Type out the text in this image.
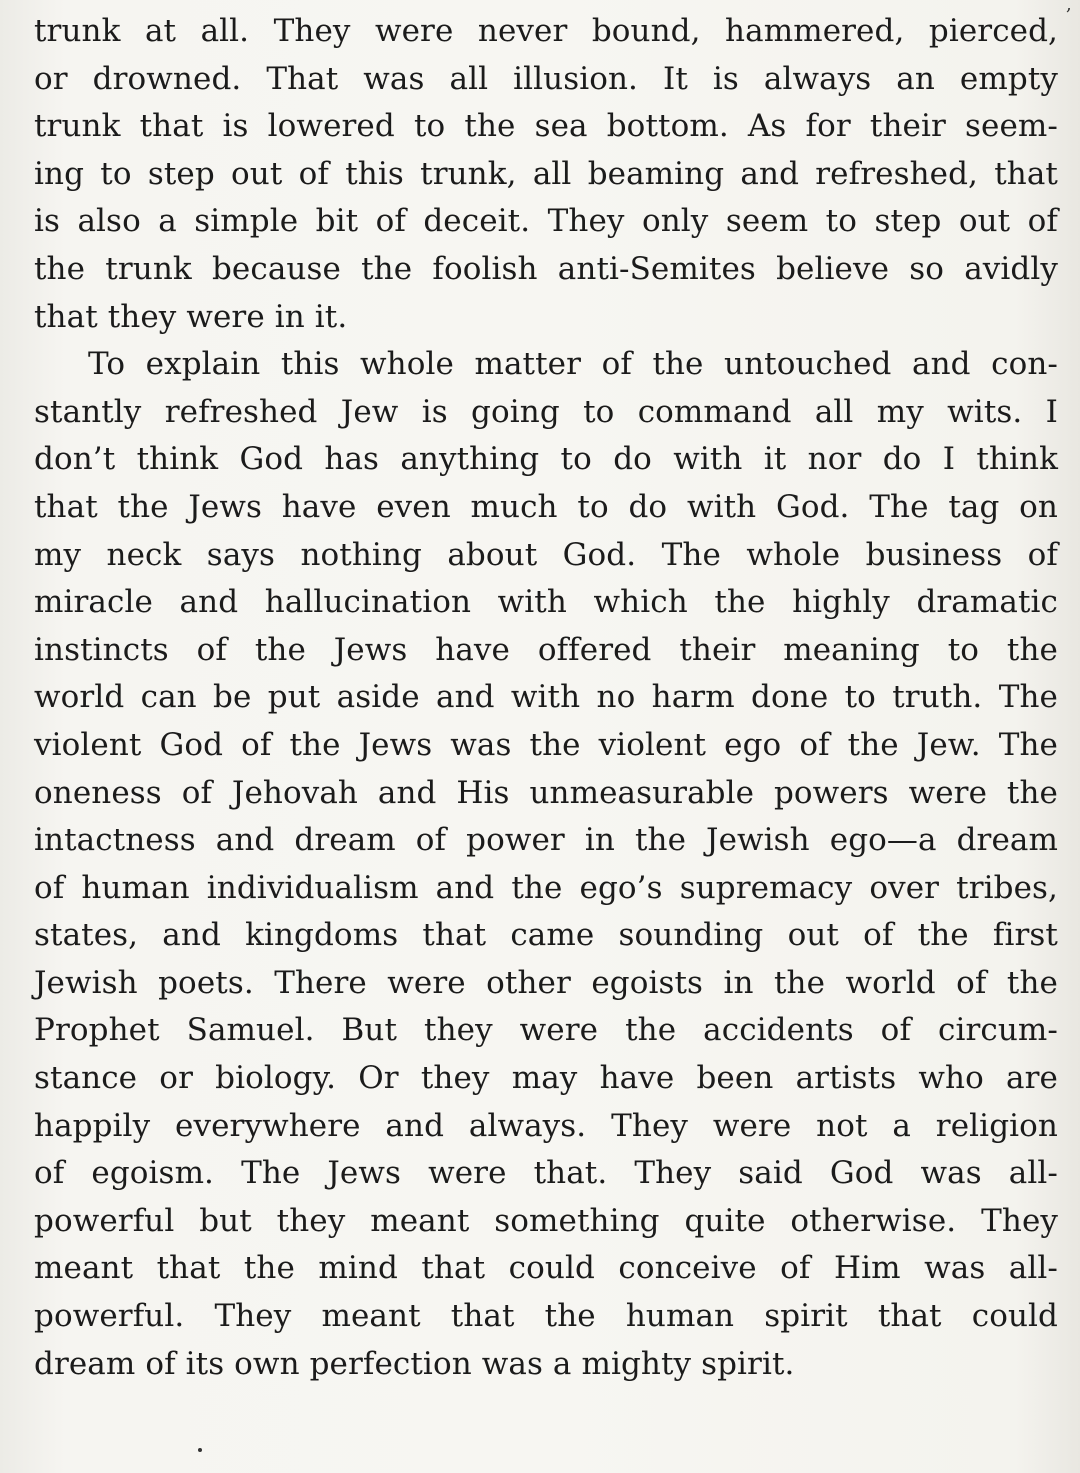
,
trunk at all. They were never bound, hammered, pierced,
or drowned. That was all illusion. It is always an empty
trunk that is lowered to the sea bottom. As for their seem-
ing to step out of this trunk, all beaming and refreshed, that
is also a simple bit of deceit. They only seem to step out of
the trunk because the foolish anti-Semites believe so avidly
that they were in it.
To explain this whole matter of the untouched and con-
stantly refreshed Jew is going to command all my wits. I
don’t think God has anything to do with it nor do I think
that the Jews have even much to do with God. The tag on
my neck says nothing about God. The whole business of
miracle and hallucination with which the highly dramatic
instincts of the Jews have offered their meaning to the
world can be put aside and with no harm done to truth. The
violent God of the Jews was the violent ego of the Jew. The
oneness of Jehovah and His unmeasurable powers were the
intactness and dream of power in the Jewish ego—a dream
of human individualism and the ego’s supremacy over tribes,
states, and kingdoms that came sounding out of the first
Jewish poets. There were other egoists in the world of the
Prophet Samuel. But they were the accidents of circum-
stance or biology. Or they may have been artists who are
happily everywhere and always. They were not a religion
of egoism. The Jews were that. They said God was all-
powerful but they meant something quite otherwise. They
meant that the mind that could conceive of Him was all-
powerful. They meant that the human spirit that could
dream of its own perfection was a mighty spirit.
